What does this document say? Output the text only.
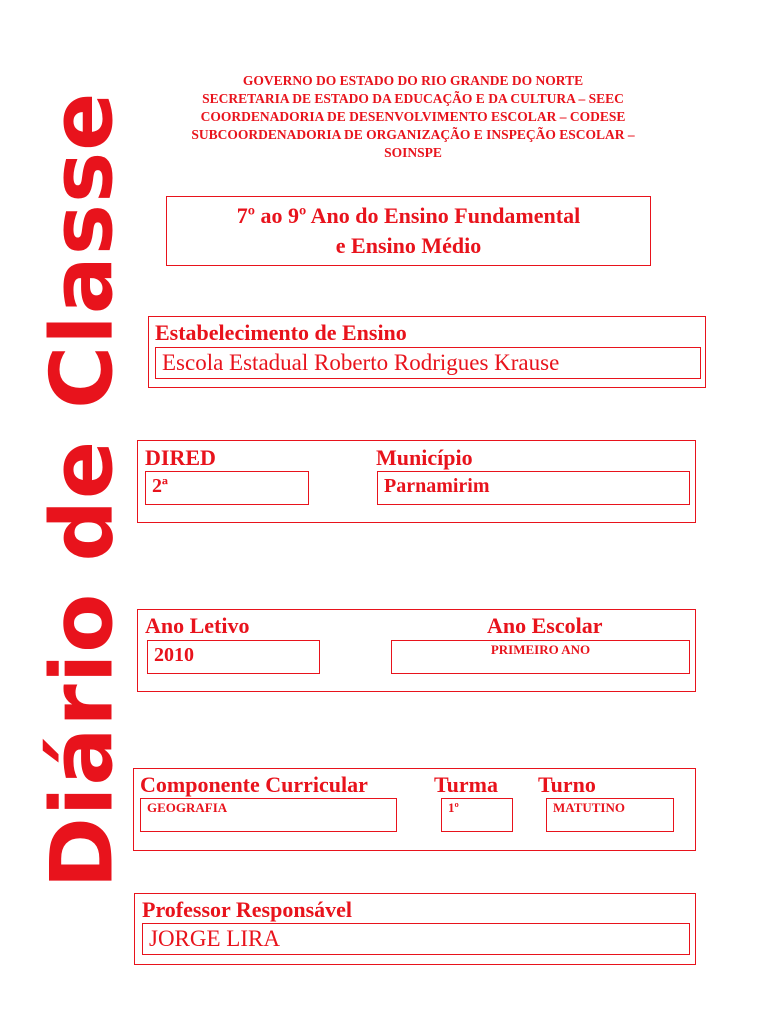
Diário de Classe
GOVERNO DO ESTADO DO RIO GRANDE DO NORTE
SECRETARIA DE ESTADO DA EDUCAÇÃO E DA CULTURA – SEEC
COORDENADORIA DE DESENVOLVIMENTO ESCOLAR – CODESE
SUBCOORDENADORIA DE ORGANIZAÇÃO E INSPEÇÃO ESCOLAR –
SOINSPE
7º ao 9º Ano do Ensino Fundamental
e Ensino Médio
Estabelecimento de Ensino
Escola Estadual Roberto Rodrigues Krause
DIRED	Município
2ª	Parnamirim
Ano Letivo	Ano Escolar
2010	PRIMEIRO ANO
Componente Curricular	Turma Turno
GEOGRAFIA	1º	MATUTINO
Professor Responsável
JORGE LIRA
